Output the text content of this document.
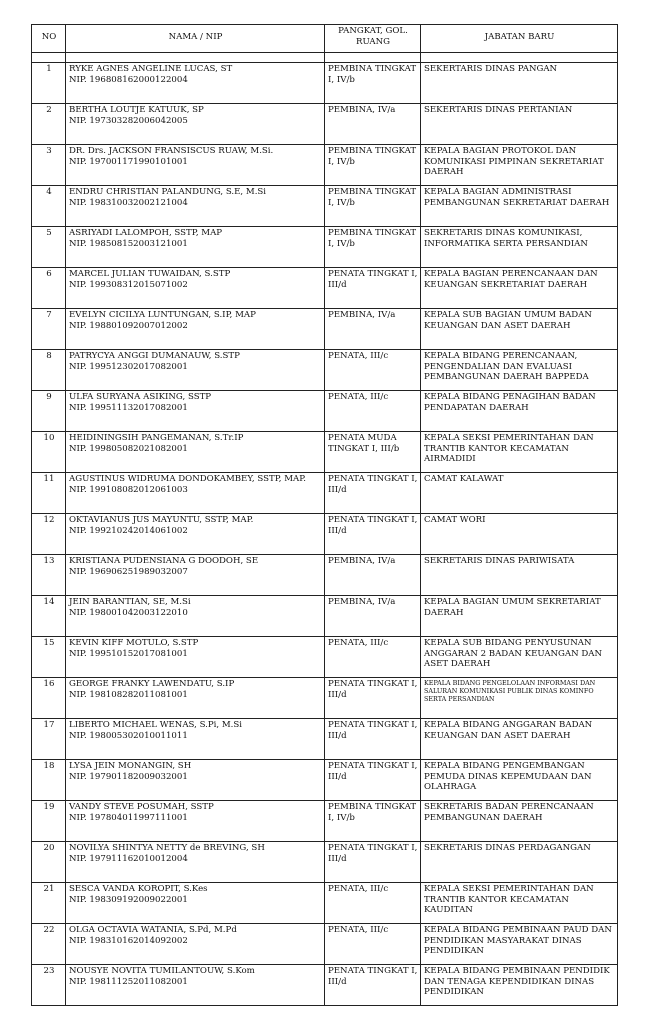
NO	NAMA / NIP	PANGKAT, GOL. RUANG	JABATAN BARU

1	RYKE AGNES ANGELINE LUCAS, ST
NIP. 196808162000122004	PEMBINA TINGKAT I, IV/b	SEKERTARIS DINAS PANGAN
2	BERTHA LOUTJE KATUUK, SP
NIP. 197303282006042005	PEMBINA, IV/a	SEKERTARIS DINAS PERTANIAN
3	DR. Drs. JACKSON FRANSISCUS RUAW, M.Si.
NIP. 197001171990101001	PEMBINA TINGKAT I, IV/b	KEPALA BAGIAN PROTOKOL DAN KOMUNIKASI PIMPINAN SEKRETARIAT DAERAH
4	ENDRU CHRISTIAN PALANDUNG, S.E, M.Si
NIP. 198310032002121004	PEMBINA TINGKAT I, IV/b	KEPALA BAGIAN ADMINISTRASI PEMBANGUNAN SEKRETARIAT DAERAH
5	ASRIYADI LALOMPOH, SSTP, MAP
NIP. 198508152003121001	PEMBINA TINGKAT I, IV/b	SEKRETARIS DINAS KOMUNIKASI, INFORMATIKA SERTA PERSANDIAN
6	MARCEL JULIAN TUWAIDAN, S.STP
NIP. 199308312015071002	PENATA TINGKAT I, III/d	KEPALA BAGIAN PERENCANAAN DAN KEUANGAN SEKRETARIAT DAERAH
7	EVELYN CICILYA LUNTUNGAN, S.IP, MAP
NIP. 198801092007012002	PEMBINA, IV/a	KEPALA SUB BAGIAN UMUM BADAN KEUANGAN DAN ASET DAERAH
8	PATRYCYA ANGGI DUMANAUW, S.STP
NIP. 199512302017082001	PENATA, III/c	KEPALA BIDANG PERENCANAAN, PENGENDALIAN DAN EVALUASI PEMBANGUNAN DAERAH BAPPEDA
9	ULFA SURYANA ASIKING, SSTP
NIP. 199511132017082001	PENATA, III/c	KEPALA BIDANG PENAGIHAN BADAN PENDAPATAN DAERAH
10	HEIDININGSIH PANGEMANAN, S.Tr.IP
NIP. 199805082021082001	PENATA MUDA TINGKAT I, III/b	KEPALA SEKSI PEMERINTAHAN DAN TRANTIB KANTOR KECAMATAN AIRMADIDI
11	AGUSTINUS WIDRUMA DONDOKAMBEY, SSTP, MAP.
NIP. 199108082012061003	PENATA TINGKAT I, III/d	CAMAT KALAWAT
12	OKTAVIANUS JUS MAYUNTU, SSTP, MAP.
NIP. 199210242014061002	PENATA TINGKAT I, III/d	CAMAT WORI
13	KRISTIANA PUDENSIANA G DOODOH, SE
NIP. 196906251989032007	PEMBINA, IV/a	SEKRETARIS DINAS PARIWISATA
14	JEIN BARANTIAN, SE, M.Si
NIP. 198001042003122010	PEMBINA, IV/a	KEPALA BAGIAN UMUM SEKRETARIAT DAERAH
15	KEVIN KIFF MOTULO, S.STP
NIP. 199510152017081001	PENATA, III/c	KEPALA SUB BIDANG PENYUSUNAN ANGGARAN 2 BADAN KEUANGAN DAN ASET DAERAH
16	GEORGE FRANKY LAWENDATU, S.IP
NIP. 198108282011081001	PENATA TINGKAT I, III/d	KEPALA BIDANG PENGELOLAAN INFORMASI DAN SALURAN KOMUNIKASI PUBLIK DINAS KOMINFO SERTA PERSANDIAN
17	LIBERTO MICHAEL WENAS, S.Pi, M.Si
NIP. 198005302010011011	PENATA TINGKAT I, III/d	KEPALA BIDANG ANGGARAN BADAN KEUANGAN DAN ASET DAERAH
18	LYSA JEIN MONANGIN, SH
NIP. 197901182009032001	PENATA TINGKAT I, III/d	KEPALA BIDANG PENGEMBANGAN PEMUDA DINAS KEPEMUDAAN DAN OLAHRAGA
19	VANDY STEVE POSUMAH, SSTP
NIP. 197804011997111001	PEMBINA TINGKAT I, IV/b	SEKRETARIS BADAN PERENCANAAN PEMBANGUNAN DAERAH
20	NOVILYA SHINTYA NETTY de BREVING, SH
NIP. 197911162010012004	PENATA TINGKAT I, III/d	SEKRETARIS DINAS PERDAGANGAN
21	SESCA VANDA KOROPIT, S.Kes
NIP. 198309192009022001	PENATA, III/c	KEPALA SEKSI PEMERINTAHAN DAN TRANTIB KANTOR KECAMATAN KAUDITAN
22	OLGA OCTAVIA WATANIA, S.Pd, M.Pd
NIP. 198310162014092002	PENATA, III/c	KEPALA BIDANG PEMBINAAN PAUD DAN PENDIDIKAN MASYARAKAT DINAS PENDIDIKAN
23	NOUSYE NOVITA TUMILANTOUW, S.Kom
NIP. 198111252011082001	PENATA TINGKAT I, III/d	KEPALA BIDANG PEMBINAAN PENDIDIK DAN TENAGA KEPENDIDIKAN DINAS PENDIDIKAN
